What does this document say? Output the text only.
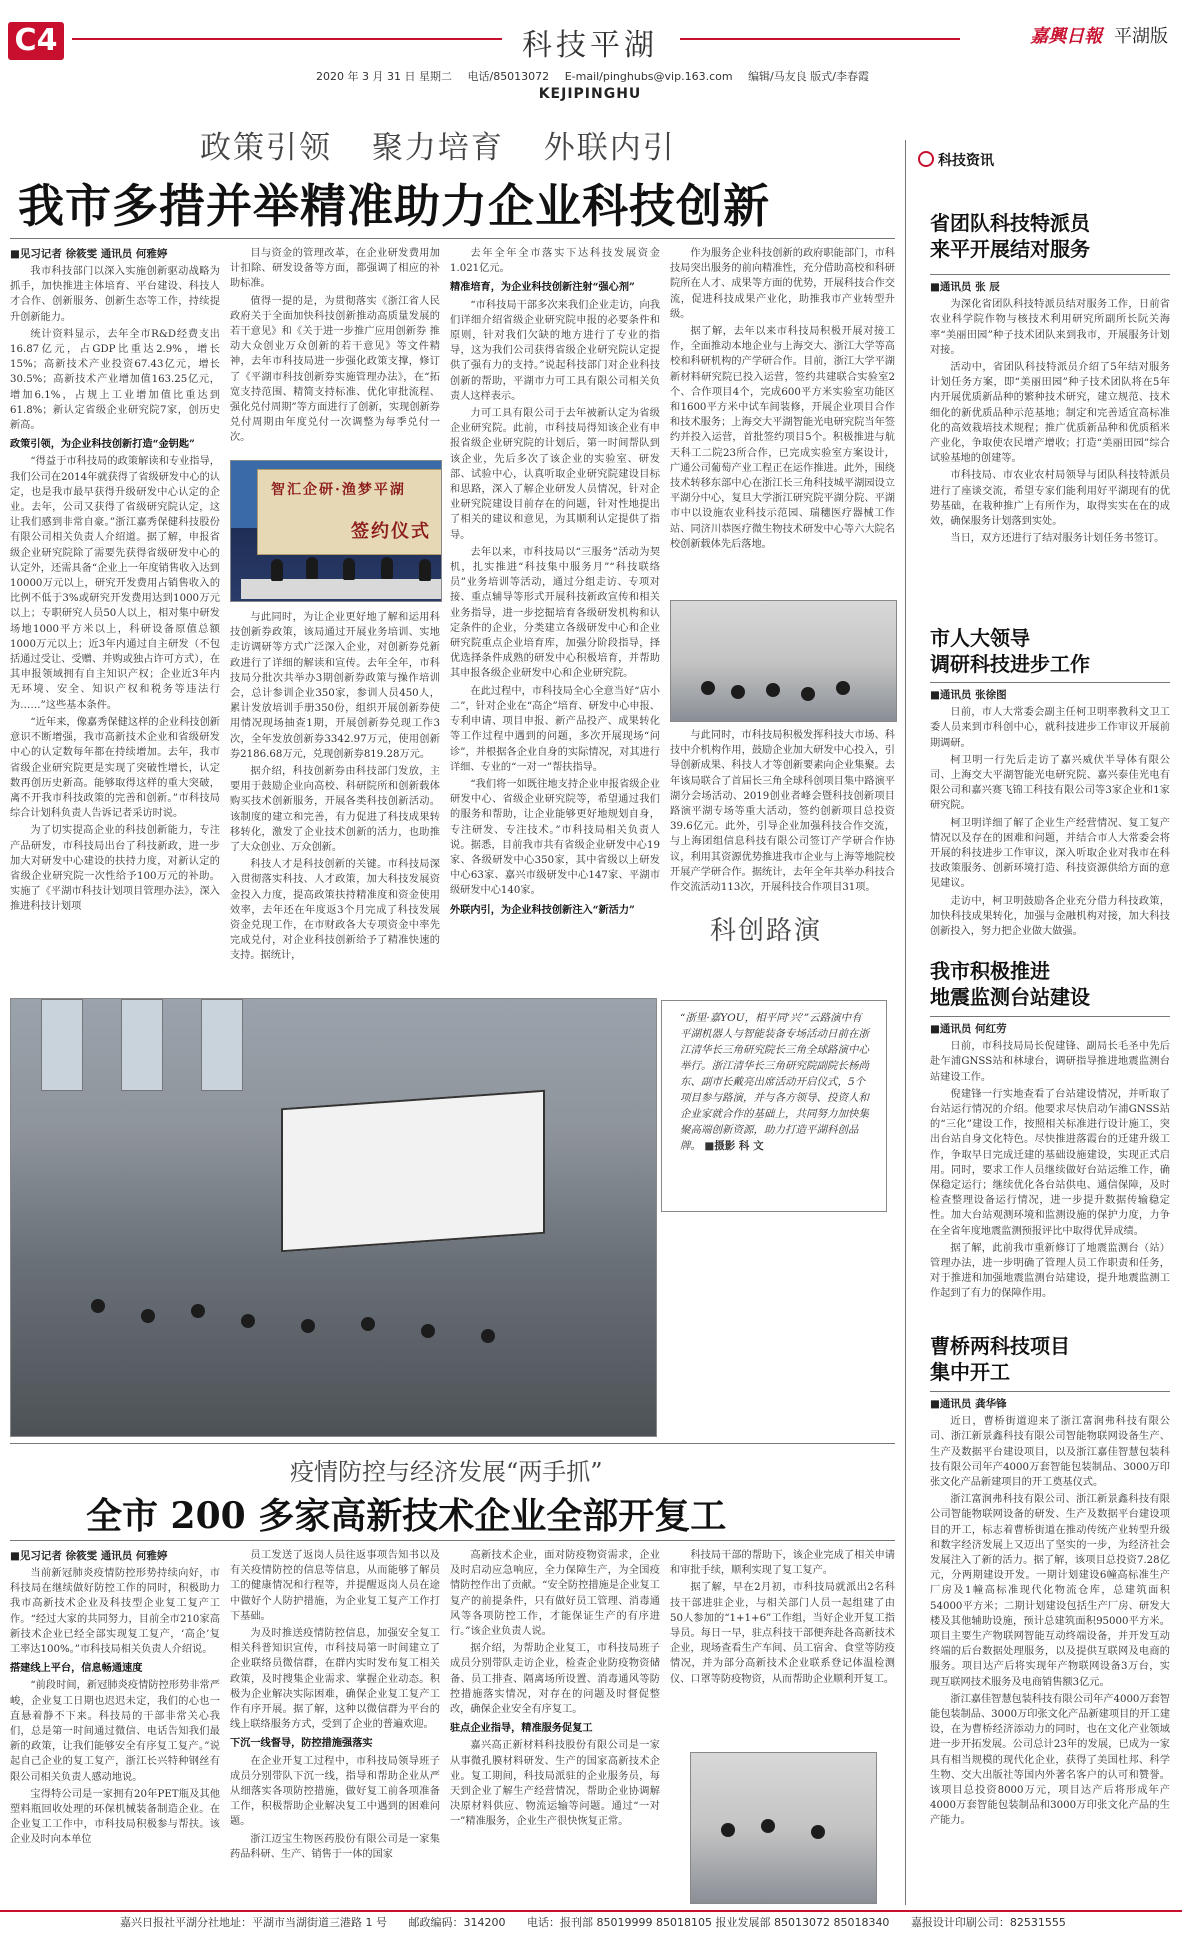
C4	科技平湖	嘉興日報 平湖版
2020 年 3 月 31 日 星期二 电话/85013072 E-mail/pinghubs@vip.163.com 编辑/马友良 版式/李春霞
KEJIPINGHU
政策引领 聚力培育 外联内引
我市多措并举精准助力企业科技创新
■见习记者 徐筱雯 通讯员 何雅婷

我市科技部门以深入实施创新驱动战略为抓手，加快推进主体培育、平台建设、科技人才合作、创新服务、创新生态等工作，持续提升创新能力。

统计资料显示，去年全市R&D经费支出16.87亿元，占GDP比重达2.9%，增长15%；高新技术产业投资67.43亿元，增长30.5%；高新技术产业增加值163.25亿元，增加6.1%，占规上工业增加值比重达到61.8%；新认定省级企业研究院7家，创历史新高。

政策引领，为企业科技创新打造“金钥匙”

“得益于市科技局的政策解读和专业指导，我们公司在2014年就获得了省级研发中心的认定，也是我市最早获得升级研发中心认定的企业。去年，公司又获得了省级研究院认定，这让我们感到非常自豪。”浙江嘉秀保健科技股份有限公司相关负责人介绍道。据了解，申报省级企业研究院除了需要先获得省级研发中心的认定外，还需具备“企业上一年度销售收入达到10000万元以上，研究开发费用占销售收入的比例不低于3%或研究开发费用达到1000万元以上；专职研究人员50人以上，相对集中研发场地1000平方米以上，科研设备原值总额1000万元以上；近3年内通过自主研发（不包括通过受让、受赠、并购或独占许可方式），在其申报领域拥有自主知识产权；企业近3年内无环境、安全、知识产权和税务等违法行为……”这些基本条件。

“近年来，像嘉秀保健这样的企业科技创新意识不断增强，我市高新技术企业和省级研发中心的认定数每年都在持续增加。去年，我市省级企业研究院更是实现了突破性增长，认定数再创历史新高。能够取得这样的重大突破，离不开我市科技政策的完善和创新。”市科技局综合计划科负责人告诉记者采访时说。

为了切实提高企业的科技创新能力，专注产品研发，市科技局出台了科技新政，进一步加大对研发中心建设的扶持力度，对新认定的省级企业研究院一次性给予100万元的补助。实施了《平湖市科技计划项目管理办法》，深入推进科技计划项

目与资金的管理改革，在企业研发费用加计扣除、研发设备等方面，都强调了相应的补助标准。

值得一提的是，为贯彻落实《浙江省人民政府关于全面加快科技创新推动高质量发展的若干意见》和《关于进一步推广应用创新券 推动大众创业万众创新的若干意见》等文件精神，去年市科技局进一步强化政策支撑，修订了《平湖市科技创新券实施管理办法》，在“拓宽支持范围、精简支持标准、优化审批流程、强化兑付周期”等方面进行了创新，实现创新券兑付周期由年度兑付一次调整为每季兑付一次。

智汇企研·渔梦平湖
签约仪式

与此同时，为让企业更好地了解和运用科技创新券政策，该局通过开展业务培训、实地走访调研等方式广泛深入企业，对创新券兑新政进行了详细的解读和宣传。去年全年，市科技局分批次共举办3期创新券政策与操作培训会，总计参训企业350家，参训人员450人，累计发放培训手册350份，组织开展创新券使用情况现场抽查1期，开展创新券兑现工作3次，全年发放创新券3342.97万元，使用创新券2186.68万元，兑现创新券819.28万元。

据介绍，科技创新券由科技部门发放，主要用于鼓励企业向高校、科研院所和创新载体购买技术创新服务，开展各类科技创新活动。该制度的建立和完善，有力促进了科技成果转移转化，激发了企业技术创新的活力，也助推了大众创业、万众创新。

科技人才是科技创新的关键。市科技局深入贯彻落实科技、人才政策，加大科技发展资金投入力度，提高政策扶持精准度和资金使用效率，去年还在年度返3个月完成了科技发展资金兑现工作，在市财政各大专项资金中率先完成兑付，对企业科技创新给予了精准快速的支持。据统计，

去年全年全市落实下达科技发展资金1.021亿元。

精准培育，为企业科技创新注射“强心剂”

“市科技局干部多次来我们企业走访，向我们详细介绍省级企业研究院申报的必要条件和原则，针对我们欠缺的地方进行了专业的指导，这为我们公司获得省级企业研究院认定提供了强有力的支持。”说起科技部门对企业科技创新的帮助，平湖市力可工具有限公司相关负责人这样表示。

力可工具有限公司于去年被新认定为省级企业研究院。此前，市科技局得知该企业有申报省级企业研究院的计划后，第一时间帮队到该企业，先后多次了该企业的实验室、研发部、试验中心，认真听取企业研究院建设目标和思路，深入了解企业研发人员情况，针对企业研究院建设目前存在的问题，针对性地提出了相关的建议和意见，为其顺利认定提供了指导。

去年以来，市科技局以“三服务”活动为契机，扎实推进“科技集中服务月”“科技联络员”业务培训等活动，通过分组走访、专项对接、重点辅导等形式开展科技新政宣传和相关业务指导，进一步挖掘培育各级研发机构和认定条件的企业，分类建立各级研发中心和企业研究院重点企业培育库，加强分阶段指导，择优选择条件成熟的研发中心积极培育，并帮助其申报各级企业研发中心和企业研究院。

在此过程中，市科技局全心全意当好“店小二”，针对企业在“高企”培育、研发中心申报、专利申请、项目申报、新产品投产、成果转化等工作过程中遇到的问题，多次开展现场“问诊”，并根据各企业自身的实际情况，对其进行详细、专业的“一对一”帮扶指导。

“我们将一如既往地支持企业申报省级企业研发中心、省级企业研究院等，希望通过我们的服务和帮助，让企业能够更好地规划自身，专注研发、专注技术。”市科技局相关负责人说。据悉，目前我市共有省级企业研发中心19家、各级研发中心350家，其中省级以上研发中心63家、嘉兴市级研发中心147家、平湖市级研发中心140家。

外联内引，为企业科技创新注入“新活力”

作为服务企业科技创新的政府职能部门，市科技局突出服务的前向精准性，充分借助高校和科研院所在人才、成果等方面的优势，开展科技合作交流，促进科技成果产业化，助推我市产业转型升级。

据了解，去年以来市科技局积极开展对接工作，全面推动本地企业与上海交大、浙江大学等高校和科研机构的产学研合作。目前，浙江大学平湖新材料研究院已投入运营，签约共建联合实验室2个、合作项目4个，完成600平方米实验室功能区和1600平方米中试车间装修，开展企业项目合作和技术服务；上海交大平湖智能光电研究院当年签约并投入运营，首批签约项目5个。积极推进与航天科工二院23所合作，已完成实验室方案设计，广通公司葡萄产业工程正在运作推进。此外，围绕技术转移东部中心在浙江长三角科技城平湖园设立平湖分中心，复旦大学浙江研究院平湖分院、平湖市中以设施农业科技示范园、瑞穗医疗器械工作站、同济川恭医疗微生物技术研发中心等六大院名校创新载体先后落地。

与此同时，市科技局积极发挥科技大市场、科技中介机构作用，鼓励企业加大研发中心投入，引导创新成果、科技人才等创新要素向企业集聚。去年该局联合了首届长三角全球科创项目集中路演平湖分会场活动、2019创业者峰会暨科技创新项目路演平湖专场等重大活动，签约创新项目总投资39.6亿元。此外，引导企业加强科技合作交流，与上海团组信息科技有限公司签订产学研合作协议，利用其资源优势推进我市企业与上海等地院校开展产学研合作。据统计，去年全年共举办科技合作交流活动113次，开展科技合作项目31项。

科创路演
“浙里·嘉YOU，相平同‘兴’”云路演中有平湖机器人与智能装备专场活动日前在浙江清华长三角研究院长三角全球路演中心举行。浙江清华长三角研究院副院长杨尚东、副市长戴亮出席活动开启仪式，5个项目参与路演，并与各方领导、投资人和企业家就合作的基础上，共同努力加快集聚高端创新资源，助力打造平湖科创品牌。 ■摄影 科 文
疫情防控与经济发展“两手抓”
全市 200 多家高新技术企业全部开复工
■见习记者 徐筱雯 通讯员 何雅婷

当前新冠肺炎疫情防控形势持续向好，市科技局在继续做好防控工作的同时，积极助力我市高新技术企业及科技型企业复工复产工作。“经过大家的共同努力，目前全市210家高新技术企业已经全部实现复工复产，‘高企’复工率达100%。”市科技局相关负责人介绍说。

搭建线上平台，信息畅通速度

“前段时间，新冠肺炎疫情防控形势非常严峻，企业复工日期也迟迟未定，我们的心也一直悬着静不下来。科技局的干部非常关心我们，总是第一时间通过微信、电话告知我们最新的政策，让我们能够安全有序复工复产。”说起自己企业的复工复产，浙江长兴特种钢丝有限公司相关负责人感动地说。

宝得特公司是一家拥有20年PET瓶及其他塑料瓶回收处理的环保机械装备制造企业。在企业复工工作中，市科技局积极参与帮扶。该企业及时向本单位

员工发送了返岗人员往返事项告知书以及有关疫情防控的信息等信息，从而能够了解员工的健康情况和行程等，并提醒返岗人员在途中做好个人防护措施，为企业复工复产工作打下基础。

为及时推送疫情防控信息，加强安全复工相关科普知识宣传，市科技局第一时间建立了企业联络员微信群，在群内实时发布复工相关政策，及时搜集企业需求、掌握企业动态。积极为企业解决实际困难，确保企业复工复产工作有序开展。据了解，这种以微信群为平台的线上联络服务方式，受到了企业的普遍欢迎。

下沉一线督导，防控措施强落实

在企业开复工过程中，市科技局领导班子成员分别带队下沉一线，指导和帮助企业从严从细落实各项防控措施，做好复工前各项准备工作，积极帮助企业解决复工中遇到的困难问题。

浙江迈宝生物医药股份有限公司是一家集药品科研、生产、销售于一体的国家

高新技术企业，面对防疫物资需求，企业及时启动应急响应，全力保障生产，为全国疫情防控作出了贡献。“安全防控措施是企业复工复产的前提条件，只有做好员工管理、消毒通风等各项防控工作，才能保证生产的有序进行。”该企业负责人说。

据介绍，为帮助企业复工，市科技局班子成员分别带队走访企业，检查企业防疫物资储备、员工排查、隔离场所设置、消毒通风等防控措施落实情况，对存在的问题及时督促整改，确保企业安全有序复工。

驻点企业指导，精准服务促复工

嘉兴高正新材料科技股份有限公司是一家从事微孔膜材料研发、生产的国家高新技术企业。复工期间，科技局派驻的企业服务员，每天到企业了解生产经营情况，帮助企业协调解决原材料供应、物流运输等问题。通过“一对一”精准服务，企业生产很快恢复正常。

科技局干部的帮助下，该企业完成了相关申请和审批手续，顺利实现了复工复产。

据了解，早在2月初，市科技局就派出2名科技干部进驻企业，与相关部门人员一起组建了由50人参加的“1+1+6”工作组，当好企业开复工指导员。每日一早，驻点科技干部便奔赴各高新技术企业，现场查看生产车间、员工宿舍、食堂等防疫情况，并为部分高新技术企业联系登记体温检测仪、口罩等防疫物资，从而帮助企业顺利开复工。

科技资讯
省团队科技特派员
来平开展结对服务

■通讯员 张 辰

为深化省团队科技特派员结对服务工作，日前省农业科学院作物与核技术利用研究所副所长阮关海率“美丽田园”种子技术团队来到我市，开展服务计划对接。

活动中，省团队科技特派员介绍了5年结对服务计划任务方案，即“美丽田园”种子技术团队将在5年内开展优质新品种的繁种技术研究，建立规范、技术细化的新优质品种示范基地；制定和完善适宜高标准化的高效栽培技术规程；推广优质新品种和优质稻米产业化，争取使农民增产增收；打造“美丽田园”综合试验基地的创建等。

市科技局、市农业农村局领导与团队科技特派员进行了座谈交流，希望专家们能利用好平湖现有的优势基础，在栽种推广上有所作为，取得实实在在的成效，确保服务计划落到实处。

当日，双方还进行了结对服务计划任务书签订。

市人大领导
调研科技进步工作

■通讯员 张徐图

日前，市人大常委会副主任柯卫明率教科文卫工委人员来到市科创中心，就科技进步工作审议开展前期调研。

柯卫明一行先后走访了嘉兴威伏半导体有限公司、上海交大平湖智能光电研究院、嘉兴泰佳光电有限公司和嘉兴赛飞锦工科技有限公司等3家企业和1家研究院。

柯卫明详细了解了企业生产经营情况、复工复产情况以及存在的困难和问题，并结合市人大常委会将开展的科技进步工作审议，深入听取企业对我市在科技政策服务、创新环境打造、科技资源供给方面的意见建议。

走访中，柯卫明鼓励各企业充分借力科技政策，加快科技成果转化，加强与金融机构对接，加大科技创新投入，努力把企业做大做强。

我市积极推进
地震监测台站建设

■通讯员 何红劳

日前，市科技局局长倪建锋、副局长毛圣中先后赴乍浦GNSS站和林埭台，调研指导推进地震监测台站建设工作。

倪建锋一行实地查看了台站建设情况，并听取了台站运行情况的介绍。他要求尽快启动乍浦GNSS站的“三化”建设工作，按照相关标准进行设计施工，突出台站自身文化特色。尽快推进落霞台的迁建升级工作，争取早日完成迁建的基础设施建设，实现正式启用。同时，要求工作人员继续做好台站运维工作，确保稳定运行；继续优化各台站供电、通信保障，及时检查整理设备运行情况，进一步提升数据传输稳定性。加大台站观测环境和监测设施的保护力度，力争在全省年度地震监测预报评比中取得优异成绩。

据了解，此前我市重新修订了地震监测台（站）管理办法，进一步明确了管理人员工作职责和任务，对于推进和加强地震监测台站建设，提升地震监测工作起到了有力的保障作用。

曹桥两科技项目
集中开工

■通讯员 龚华锋

近日，曹桥街道迎来了浙江富润弗科技有限公司、浙江新景鑫科技有限公司智能物联网设备生产、生产及数据平台建设项目，以及浙江嘉佳智慧包装科技有限公司年产4000万套智能包装制品、3000万印张文化产品新建项目的开工奠基仪式。

浙江富润弗科技有限公司、浙江新景鑫科技有限公司智能物联网设备的研发、生产及数据平台建设项目的开工，标志着曹桥街道在推动传统产业转型升级和数字经济发展上又迈出了坚实的一步，为经济社会发展注入了新的活力。据了解，该项目总投资7.28亿元，分两期建设开发。一期计划建设6幢高标准生产厂房及1幢高标准现代化物流仓库，总建筑面积54000平方米；二期计划建设包括生产厂房、研发大楼及其他辅助设施，预计总建筑面积95000平方米。项目主要生产物联网智能互动终端设备，并开发互动终端的后台数据处理服务，以及提供互联网及电商的服务。项目达产后将实现年产物联网设备3万台，实现互联网技术服务及电商销售额3亿元。

浙江嘉佳智慧包装科技有限公司年产4000万套智能包装制品、3000万印张文化产品新建项目的开工建设，在为曹桥经济添动力的同时，也在文化产业领域进一步开拓发展。公司总计23年的发展，已成为一家具有相当规模的现代化企业，获得了美国杜邦、科学生物、交大出版社等国内外著名客户的认可和赞誉。该项目总投资8000万元，项目达产后将形成年产4000万套智能包装制品和3000万印张文化产品的生产能力。

嘉兴日报社平湖分社地址：平湖市当湖街道三港路 1 号 邮政编码：314200 电话：报刊部 85019999 85018105 报业发展部 85013072 85018340 嘉报设计印刷公司：82531555
